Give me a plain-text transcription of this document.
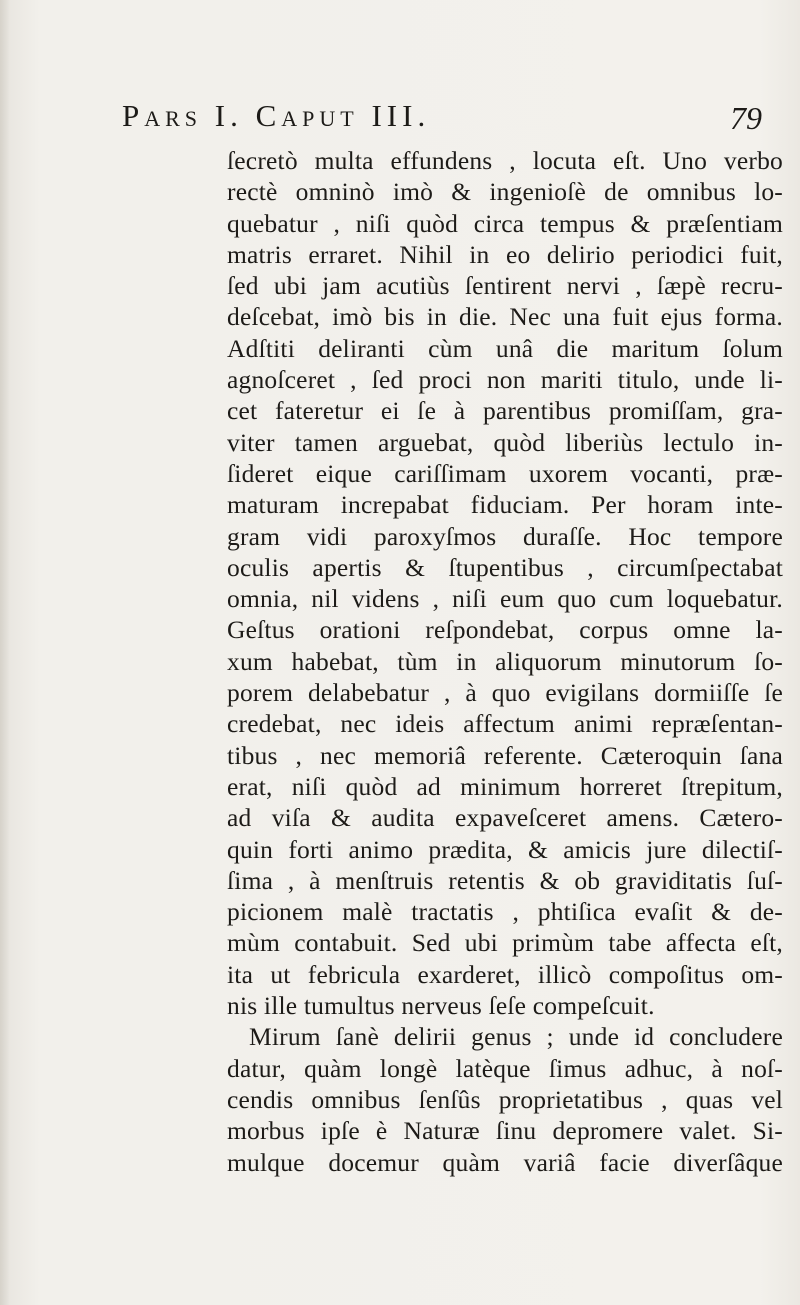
Pars I. Caput III.	79
ſecretò multa effundens , locuta eſt. Uno verbo
rectè omninò imò & ingenioſè de omnibus lo-
quebatur , niſi quòd circa tempus & præſentiam
matris erraret. Nihil in eo delirio periodici fuit,
ſed ubi jam acutiùs ſentirent nervi , ſæpè recru-
deſcebat, imò bis in die. Nec una fuit ejus forma.
Adſtiti deliranti cùm unâ die maritum ſolum
agnoſceret , ſed proci non mariti titulo, unde li-
cet fateretur ei ſe à parentibus promiſſam, gra-
viter tamen arguebat, quòd liberiùs lectulo in-
ſideret eique cariſſimam uxorem vocanti, præ-
maturam increpabat fiduciam. Per horam inte-
gram vidi paroxyſmos duraſſe. Hoc tempore
oculis apertis & ſtupentibus , circumſpectabat
omnia, nil videns , niſi eum quo cum loquebatur.
Geſtus orationi reſpondebat, corpus omne la-
xum habebat, tùm in aliquorum minutorum ſo-
porem delabebatur , à quo evigilans dormiiſſe ſe
credebat, nec ideis affectum animi repræſentan-
tibus , nec memoriâ referente. Cæteroquin ſana
erat, niſi quòd ad minimum horreret ſtrepitum,
ad viſa & audita expaveſceret amens. Cætero-
quin forti animo prædita, & amicis jure dilectiſ-
ſima , à menſtruis retentis & ob graviditatis ſuſ-
picionem malè tractatis , phtiſica evaſit & de-
mùm contabuit. Sed ubi primùm tabe affecta eſt,
ita ut febricula exarderet, illicò compoſitus om-
nis ille tumultus nerveus ſeſe compeſcuit.
Mirum ſanè delirii genus ; unde id concludere
datur, quàm longè latèque ſimus adhuc, à noſ-
cendis omnibus ſenſûs proprietatibus , quas vel
morbus ipſe è Naturæ ſinu depromere valet. Si-
mulque docemur quàm variâ facie diverſâque
